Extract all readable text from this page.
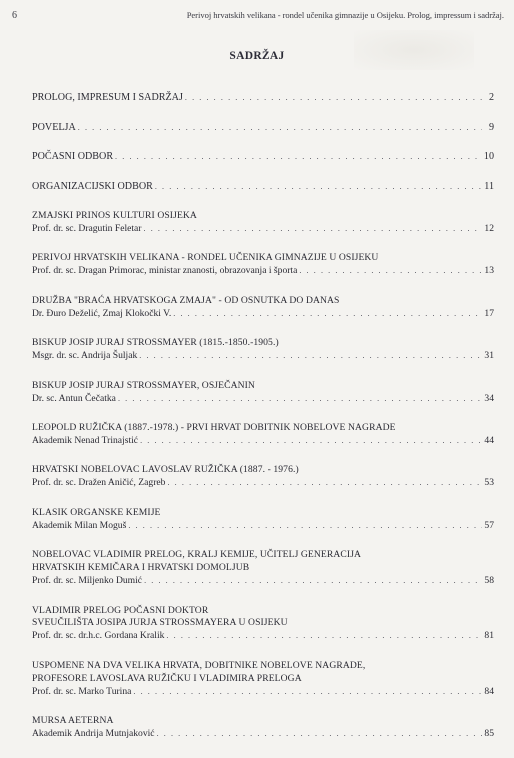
6	Perivoj hrvatskih velikana - rondel učenika gimnazije u Osijeku. Prolog, impressum i sadržaj.
SADRŽAJ
PROLOG, IMPRESUM I SADRŽAJ . . .	2
POVELJA . . .	9
POČASNI ODBOR . . .	10
ORGANIZACIJSKI ODBOR . . .	11
ZMAJSKI PRINOS KULTURI OSIJEKA
Prof. dr. sc. Dragutin Feletar . . .	12
PERIVOJ HRVATSKIH VELIKANA - RONDEL UČENIKA GIMNAZIJE U OSIJEKU
Prof. dr. sc. Dragan Primorac, ministar znanosti, obrazovanja i športa . . .	13
DRUŽBA "BRAĆA HRVATSKOGA ZMAJA" - OD OSNUTKA DO DANAS
Dr. Đuro Deželić, Zmaj Klokočki V. . . .	17
BISKUP JOSIP JURAJ STROSSMAYER (1815.-1850.-1905.)
Msgr. dr. sc. Andrija Šuljak . . .	31
BISKUP JOSIP JURAJ STROSSMAYER, OSJEČANIN
Dr. sc. Antun Čečatka . . .	34
LEOPOLD RUŽIČKA (1887.-1978.) - PRVI HRVAT DOBITNIK NOBELOVE NAGRADE
Akademik Nenad Trinajstić . . .	44
HRVATSKI NOBELOVAC LAVOSLAV RUŽIČKA (1887. - 1976.)
Prof. dr. sc. Dražen Aničić, Zagreb . . .	53
KLASIK ORGANSKE KEMIJE
Akademik Milan Moguš . . .	57
NOBELOVAC VLADIMIR PRELOG, KRALJ KEMIJE, UČITELJ GENERACIJA
HRVATSKIH KEMIČARA I HRVATSKI DOMOLJUB
Prof. dr. sc. Miljenko Dumić . . .	58
VLADIMIR PRELOG POČASNI DOKTOR
SVEUČILIŠTA JOSIPA JURJA STROSSMAYERA U OSIJEKU
Prof. dr. sc. dr.h.c. Gordana Kralik . . .	81
USPOMENE NA DVA VELIKA HRVATA, DOBITNIKE NOBELOVE NAGRADE,
PROFESORE LAVOSLAVA RUŽIČKU I VLADIMIRA PRELOGA
Prof. dr. sc. Marko Turina . . .	84
MURSA AETERNA
Akademik Andrija Mutnjaković . . .	85
